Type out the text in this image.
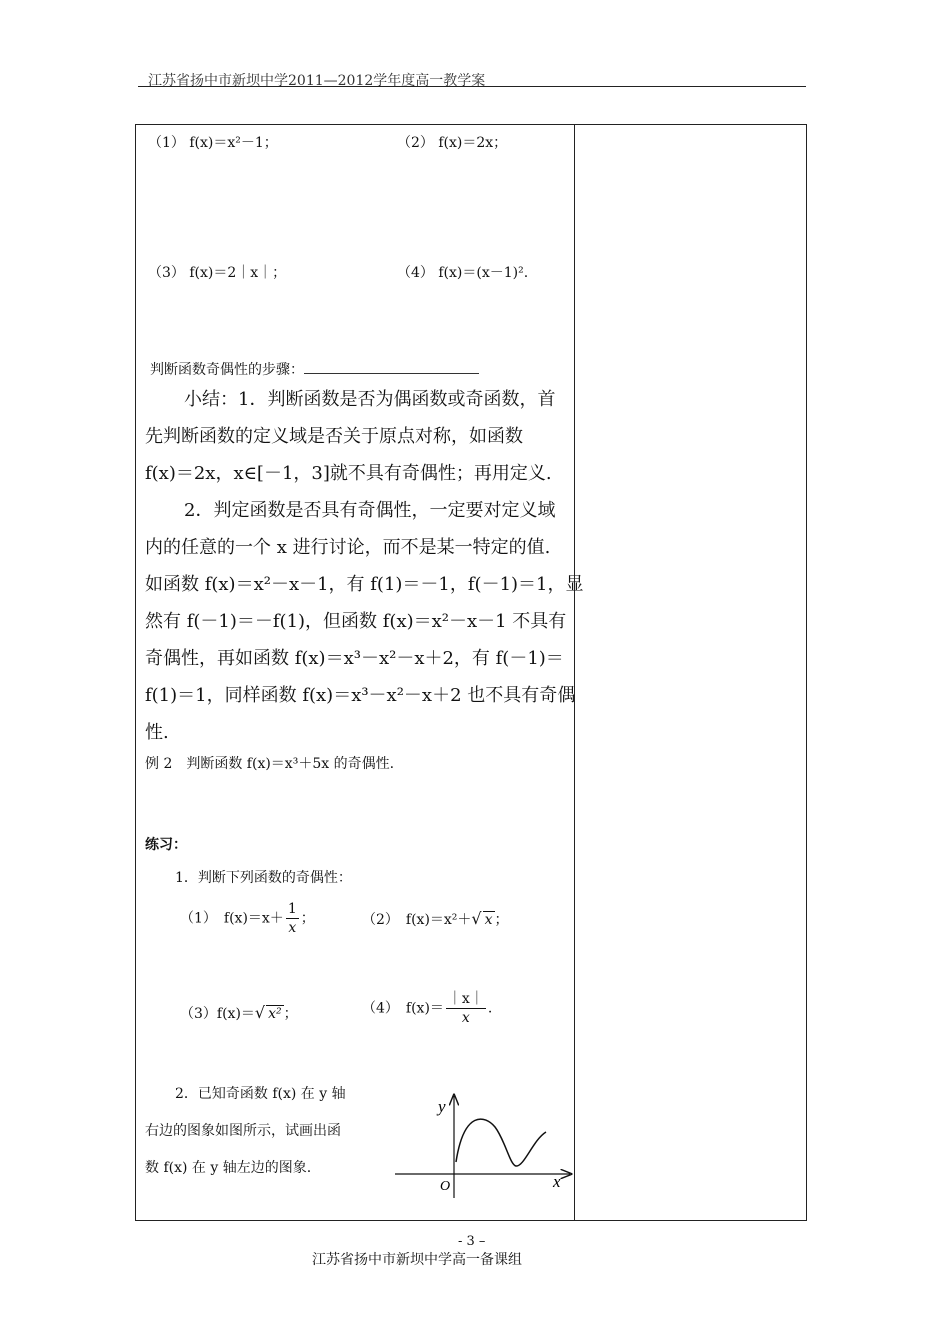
江苏省扬中市新坝中学2011—2012学年度高一教学案
（1） f(x)＝x²－1；	（2） f(x)＝2x；
（3） f(x)＝2｜x｜；	（4） f(x)＝(x－1)².
判断函数奇偶性的步骤：
小结：1．判断函数是否为偶函数或奇函数，首
先判断函数的定义域是否关于原点对称，如函数
f(x)＝2x，x∈[－1，3]就不具有奇偶性；再用定义.
2．判定函数是否具有奇偶性，一定要对定义域
内的任意的一个 x 进行讨论，而不是某一特定的值.
如函数 f(x)＝x²－x－1，有 f(1)＝－1，f(－1)＝1，显
然有 f(－1)＝－f(1)，但函数 f(x)＝x²－x－1 不具有
奇偶性，再如函数 f(x)＝x³－x²－x＋2，有 f(－1)＝
f(1)＝1，同样函数 f(x)＝x³－x²－x＋2 也不具有奇偶
性.
例 2　判断函数 f(x)＝x³＋5x 的奇偶性.
练习：
1．判断下列函数的奇偶性：
（1）　$f(x)=x+ \frac{1}{x}$ ；	（2）　f(x)＝x²＋√ x ；
（3）f(x)＝√ x² ；	（4）　$f(x)= \frac{|x|}{x}$ .
2．已知奇函数 f(x) 在 y 轴
右边的图象如图所示，试画出函
数 f(x) 在 y 轴左边的图象.
y
x
O
- 3 –
江苏省扬中市新坝中学高一备课组
